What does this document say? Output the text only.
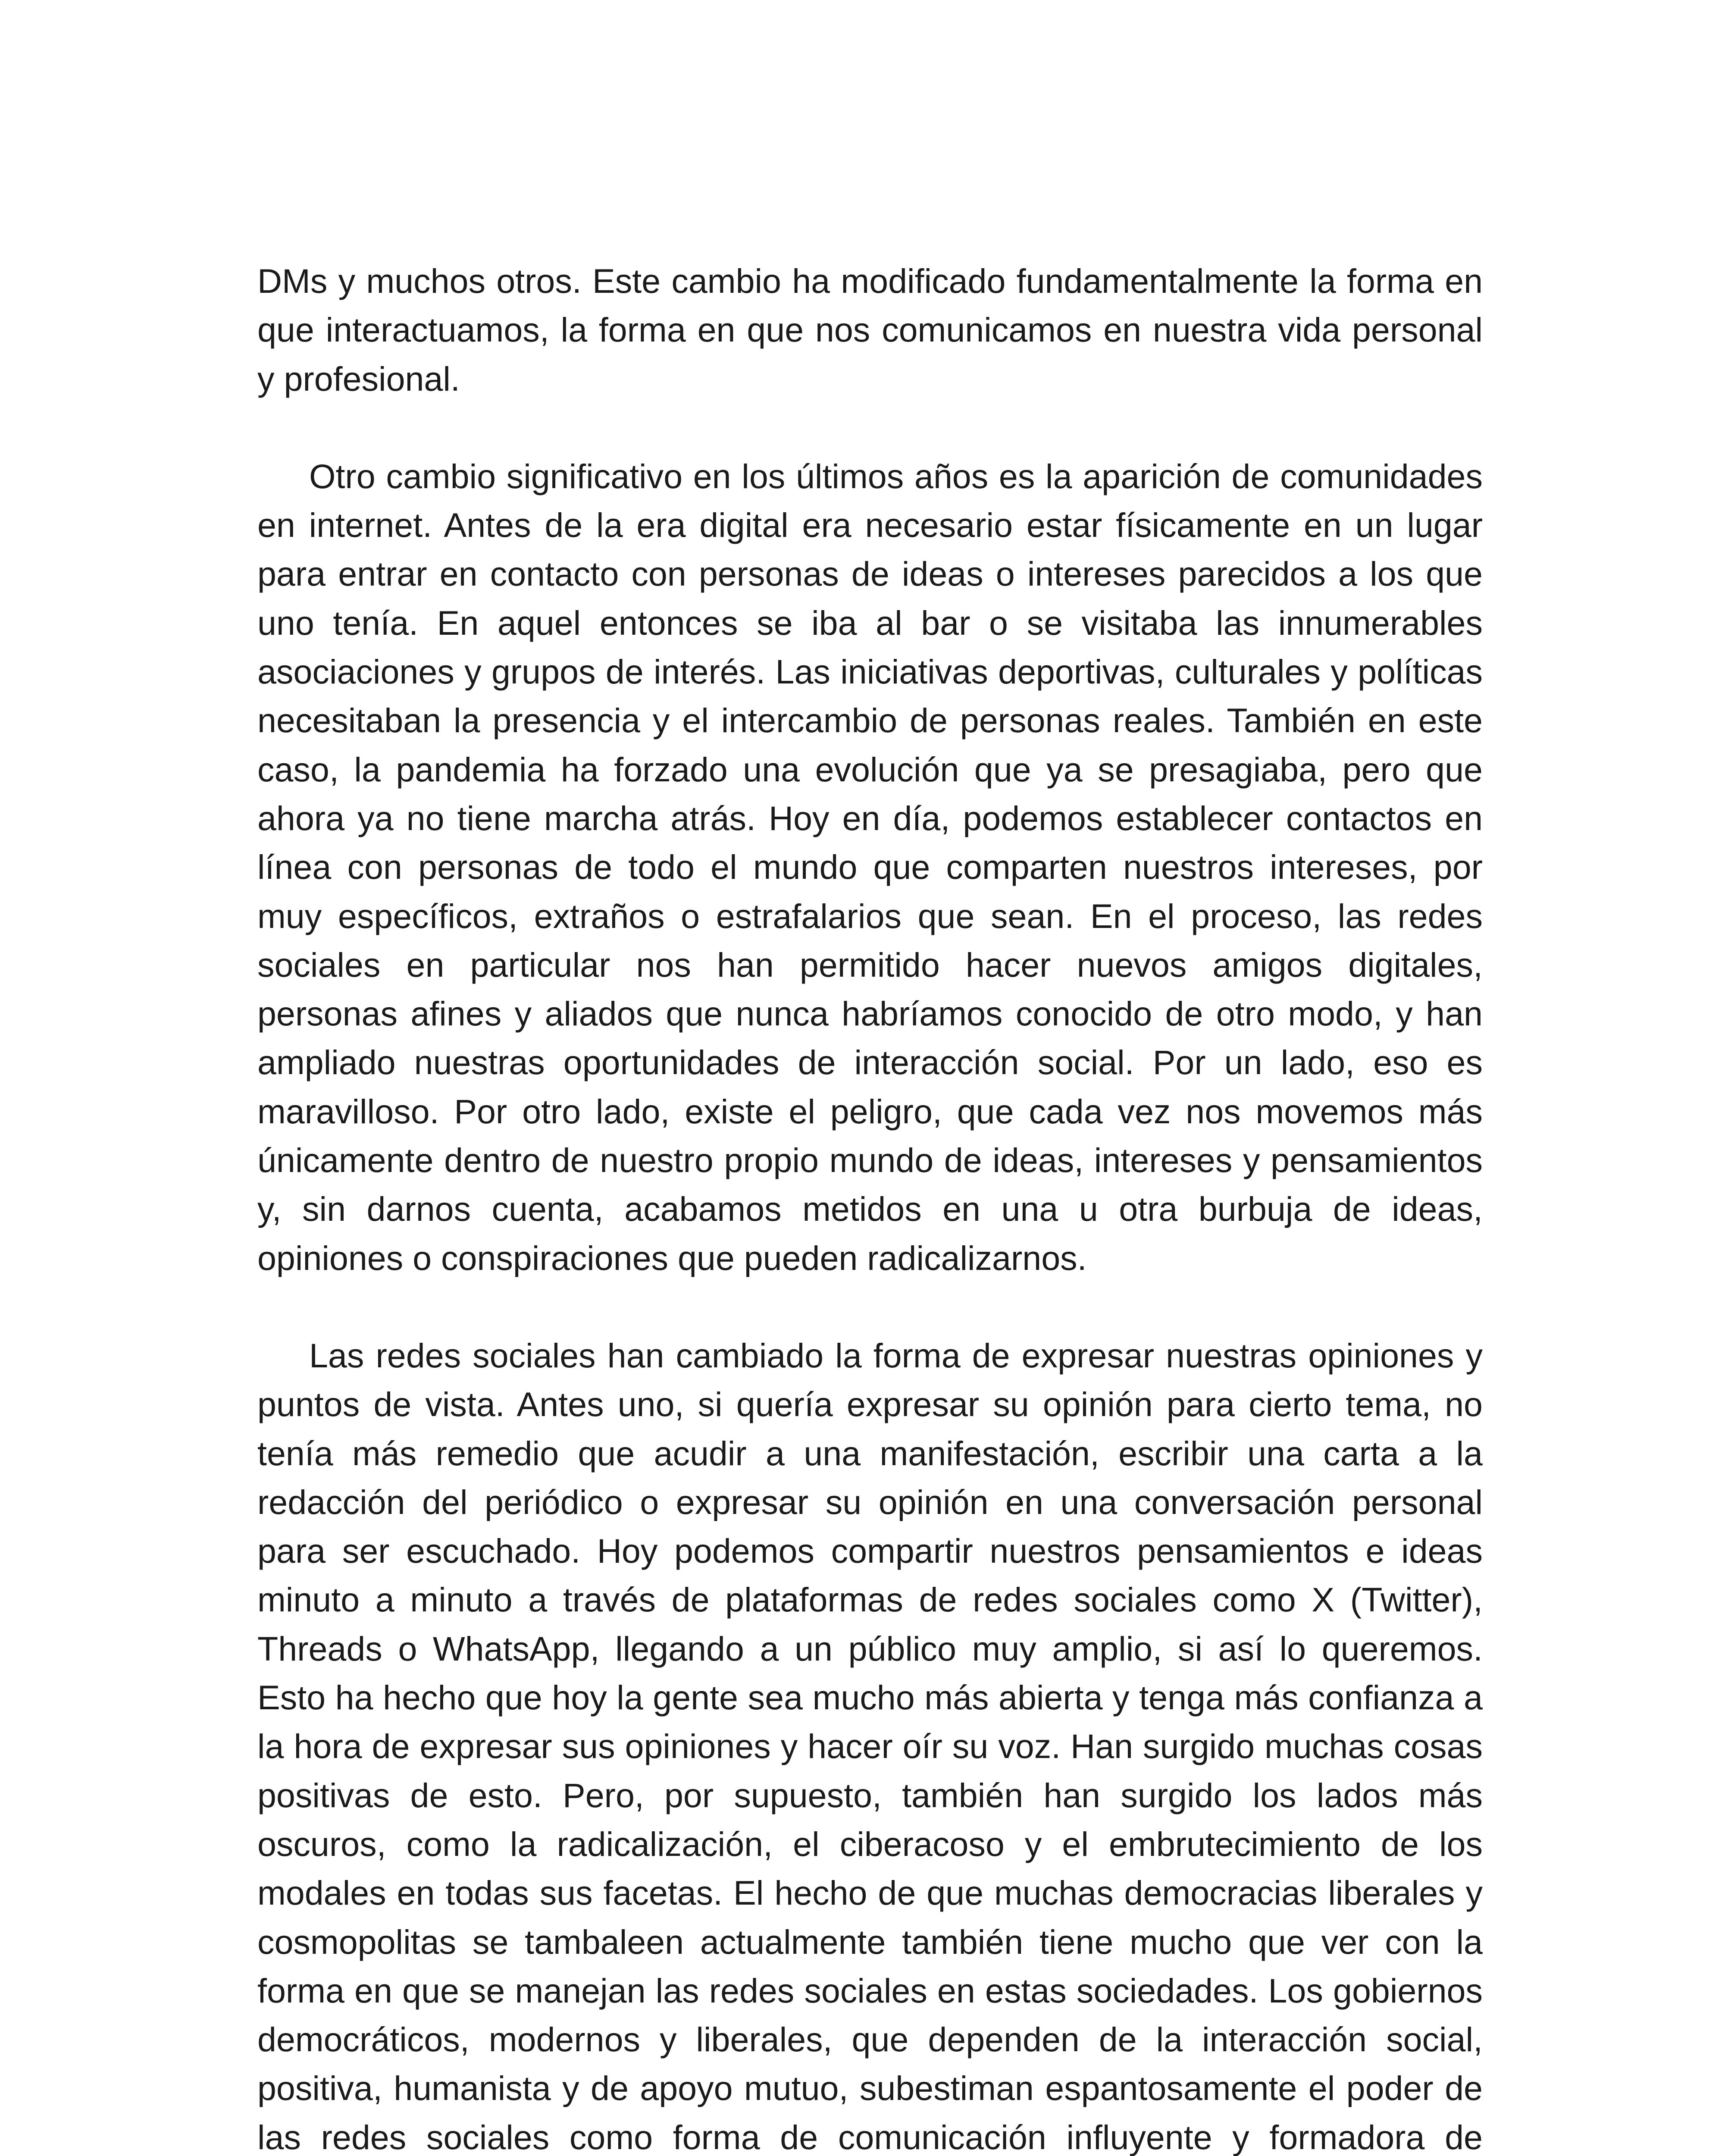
DMs y muchos otros. Este cambio ha modificado fundamentalmente la forma en que interactuamos, la forma en que nos comunicamos en nuestra vida personal y profesional.

Otro cambio significativo en los últimos años es la aparición de comunidades en internet. Antes de la era digital era necesario estar físicamente en un lugar para entrar en contacto con personas de ideas o intereses parecidos a los que uno tenía. En aquel entonces se iba al bar o se visitaba las innumerables asociaciones y grupos de interés. Las iniciativas deportivas, culturales y políticas necesitaban la presencia y el intercambio de personas reales. También en este caso, la pandemia ha forzado una evolución que ya se presagiaba, pero que ahora ya no tiene marcha atrás. Hoy en día, podemos establecer contactos en línea con personas de todo el mundo que comparten nuestros intereses, por muy específicos, extraños o estrafalarios que sean. En el proceso, las redes sociales en particular nos han permitido hacer nuevos amigos digitales, personas afines y aliados que nunca habríamos conocido de otro modo, y han ampliado nuestras oportunidades de interacción social. Por un lado, eso es maravilloso. Por otro lado, existe el peligro, que cada vez nos movemos más únicamente dentro de nuestro propio mundo de ideas, intereses y pensamientos y, sin darnos cuenta, acabamos metidos en una u otra burbuja de ideas, opiniones o conspiraciones que pueden radicalizarnos.

Las redes sociales han cambiado la forma de expresar nuestras opiniones y puntos de vista. Antes uno, si quería expresar su opinión para cierto tema, no tenía más remedio que acudir a una manifestación, escribir una carta a la redacción del periódico o expresar su opinión en una conversación personal para ser escuchado. Hoy podemos compartir nuestros pensamientos e ideas minuto a minuto a través de plataformas de redes sociales como X (Twitter), Threads o WhatsApp, llegando a un público muy amplio, si así lo queremos. Esto ha hecho que hoy la gente sea mucho más abierta y tenga más confianza a la hora de expresar sus opiniones y hacer oír su voz. Han surgido muchas cosas positivas de esto. Pero, por supuesto, también han surgido los lados más oscuros, como la radicalización, el ciberacoso y el embrutecimiento de los modales en todas sus facetas. El hecho de que muchas democracias liberales y cosmopolitas se tambaleen actualmente también tiene mucho que ver con la forma en que se manejan las redes sociales en estas sociedades. Los gobiernos democráticos, modernos y liberales, que dependen de la interacción social, positiva, humanista y de apoyo mutuo, subestiman espantosamente el poder de las redes sociales como forma de comunicación influyente y formadora de
